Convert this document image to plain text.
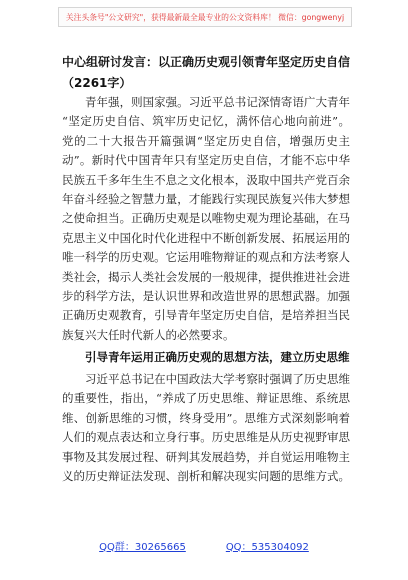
关注头条号"公文研究"，获得最新最全最专业的公文资料库！ 微信：gongwenyj
中心组研讨发言：以正确历史观引领青年坚定历史自信
（2261字）
青年强，则国家强。习近平总书记深情寄语广大青年
“坚定历史自信、筑牢历史记忆，满怀信心地向前进”。
党的二十大报告开篇强调“坚定历史自信，增强历史主
动”。新时代中国青年只有坚定历史自信，才能不忘中华
民族五千多年生生不息之文化根本，汲取中国共产党百余
年奋斗经验之智慧力量，才能践行实现民族复兴伟大梦想
之使命担当。正确历史观是以唯物史观为理论基础，在马
克思主义中国化时代化进程中不断创新发展、拓展运用的
唯一科学的历史观。它运用唯物辩证的观点和方法考察人
类社会，揭示人类社会发展的一般规律，提供推进社会进
步的科学方法，是认识世界和改造世界的思想武器。加强
正确历史观教育，引导青年坚定历史自信，是培养担当民
族复兴大任时代新人的必然要求。
引导青年运用正确历史观的思想方法，建立历史思维
习近平总书记在中国政法大学考察时强调了历史思维
的重要性，指出，“养成了历史思维、辩证思维、系统思
维、创新思维的习惯，终身受用”。思维方式深刻影响着
人们的观点表达和立身行事。历史思维是从历史视野审思
事物及其发展过程、研判其发展趋势，并自觉运用唯物主
义的历史辩证法发现、剖析和解决现实问题的思维方式。
QQ群：30265665	QQ：535304092
